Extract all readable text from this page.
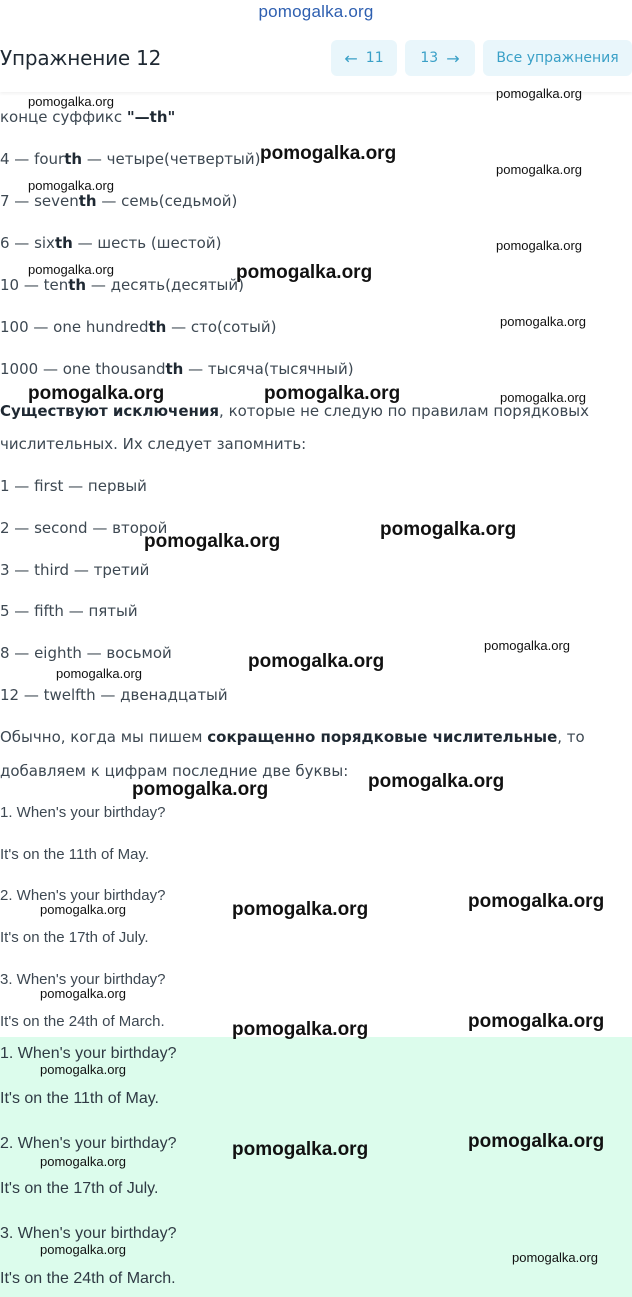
pomogalka.org
Упражнение 12	← 11	13 →	Все упражнения
конце суффикс "—th"
4 — fourth — четыре(четвертый)
7 — seventh — семь(седьмой)
6 — sixth — шесть (шестой)
10 — tenth — десять(десятый)
100 — one hundredth — сто(сотый)
1000 — one thousandth — тысяча(тысячный)
Существуют исключения, которые не следую по правилам порядковых
числительных. Их следует запомнить:
1 — first — первый
2 — second — второй
3 — third — третий
5 — fifth — пятый
8 — eighth — восьмой
12 — twelfth — двенадцатый
Обычно, когда мы пишем сокращенно порядковые числительные, то
добавляем к цифрам последние две буквы:
1. When's your birthday?
It's on the 11th of May.
2. When's your birthday?
It's on the 17th of July.
3. When's your birthday?
It's on the 24th of March.
1. When's your birthday?
It's on the 11th of May.
2. When's your birthday?
It's on the 17th of July.
3. When's your birthday?
It's on the 24th of March.
pomogalka.org
pomogalka.org
pomogalka.org
pomogalka.org
pomogalka.org
pomogalka.org
pomogalka.org	pomogalka.org
pomogalka.org
pomogalka.org	pomogalka.org	pomogalka.org
pomogalka.org
pomogalka.org
pomogalka.org
pomogalka.org
pomogalka.org
pomogalka.org
pomogalka.org
pomogalka.org
pomogalka.org
pomogalka.org
pomogalka.org
pomogalka.org
pomogalka.org
pomogalka.org
pomogalka.org
pomogalka.org
pomogalka.org
pomogalka.org
pomogalka.org
